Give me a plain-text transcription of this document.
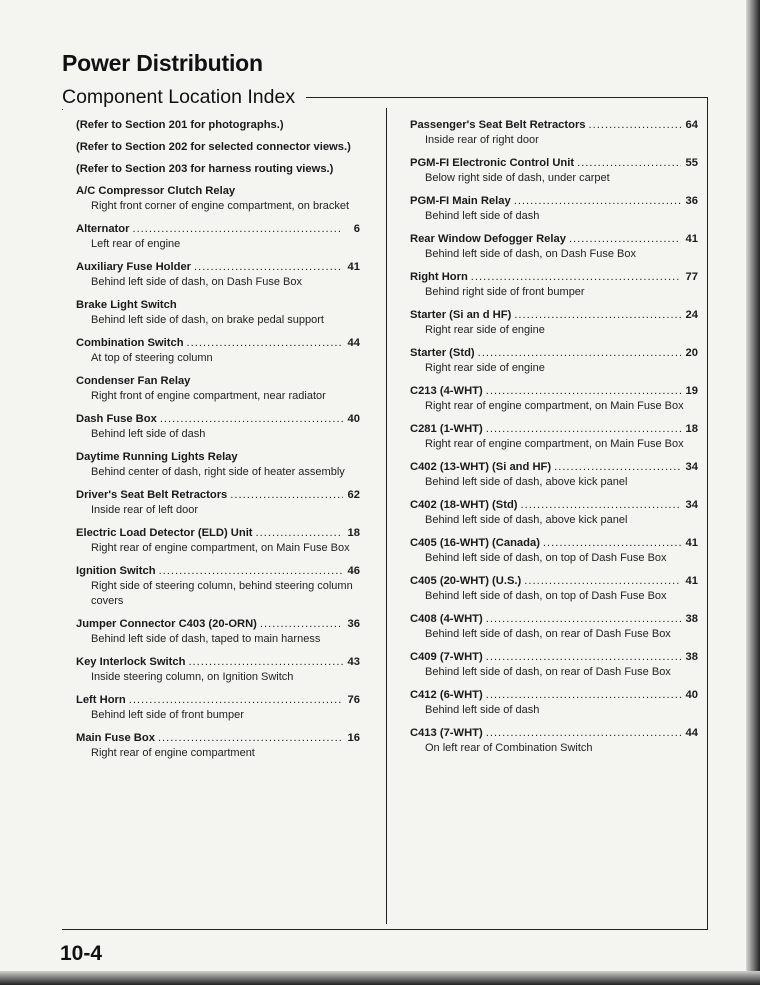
Power Distribution
Component Location Index
(Refer to Section 201 for photographs.)
(Refer to Section 202 for selected connector views.)
(Refer to Section 203 for harness routing views.)
A/C Compressor Clutch Relay
Right front corner of engine compartment, on bracket
Alternator .....	6
Left rear of engine
Auxiliary Fuse Holder .....	41
Behind left side of dash, on Dash Fuse Box
Brake Light Switch
Behind left side of dash, on brake pedal support
Combination Switch .....	44
At top of steering column
Condenser Fan Relay
Right front of engine compartment, near radiator
Dash Fuse Box .....	40
Behind left side of dash
Daytime Running Lights Relay
Behind center of dash, right side of heater assembly
Driver's Seat Belt Retractors .....	62
Inside rear of left door
Electric Load Detector (ELD) Unit .....	18
Right rear of engine compartment, on Main Fuse Box
Ignition Switch .....	46
Right side of steering column, behind steering column covers
Jumper Connector C403 (20-ORN) .....	36
Behind left side of dash, taped to main harness
Key Interlock Switch .....	43
Inside steering column, on Ignition Switch
Left Horn .....	76
Behind left side of front bumper
Main Fuse Box .....	16
Right rear of engine compartment
Passenger's Seat Belt Retractors .....	64
Inside rear of right door
PGM-FI Electronic Control Unit .....	55
Below right side of dash, under carpet
PGM-FI Main Relay .....	36
Behind left side of dash
Rear Window Defogger Relay .....	41
Behind left side of dash, on Dash Fuse Box
Right Horn .....	77
Behind right side of front bumper
Starter (Si an d HF) .....	24
Right rear side of engine
Starter (Std) .....	20
Right rear side of engine
C213 (4-WHT) .....	19
Right rear of engine compartment, on Main Fuse Box
C281 (1-WHT) .....	18
Right rear of engine compartment, on Main Fuse Box
C402 (13-WHT) (Si and HF) .....	34
Behind left side of dash, above kick panel
C402 (18-WHT) (Std) .....	34
Behind left side of dash, above kick panel
C405 (16-WHT) (Canada) .....	41
Behind left side of dash, on top of Dash Fuse Box
C405 (20-WHT) (U.S.) .....	41
Behind left side of dash, on top of Dash Fuse Box
C408 (4-WHT) .....	38
Behind left side of dash, on rear of Dash Fuse Box
C409 (7-WHT) .....	38
Behind left side of dash, on rear of Dash Fuse Box
C412 (6-WHT) .....	40
Behind left side of dash
C413 (7-WHT) .....	44
On left rear of Combination Switch
10-4
